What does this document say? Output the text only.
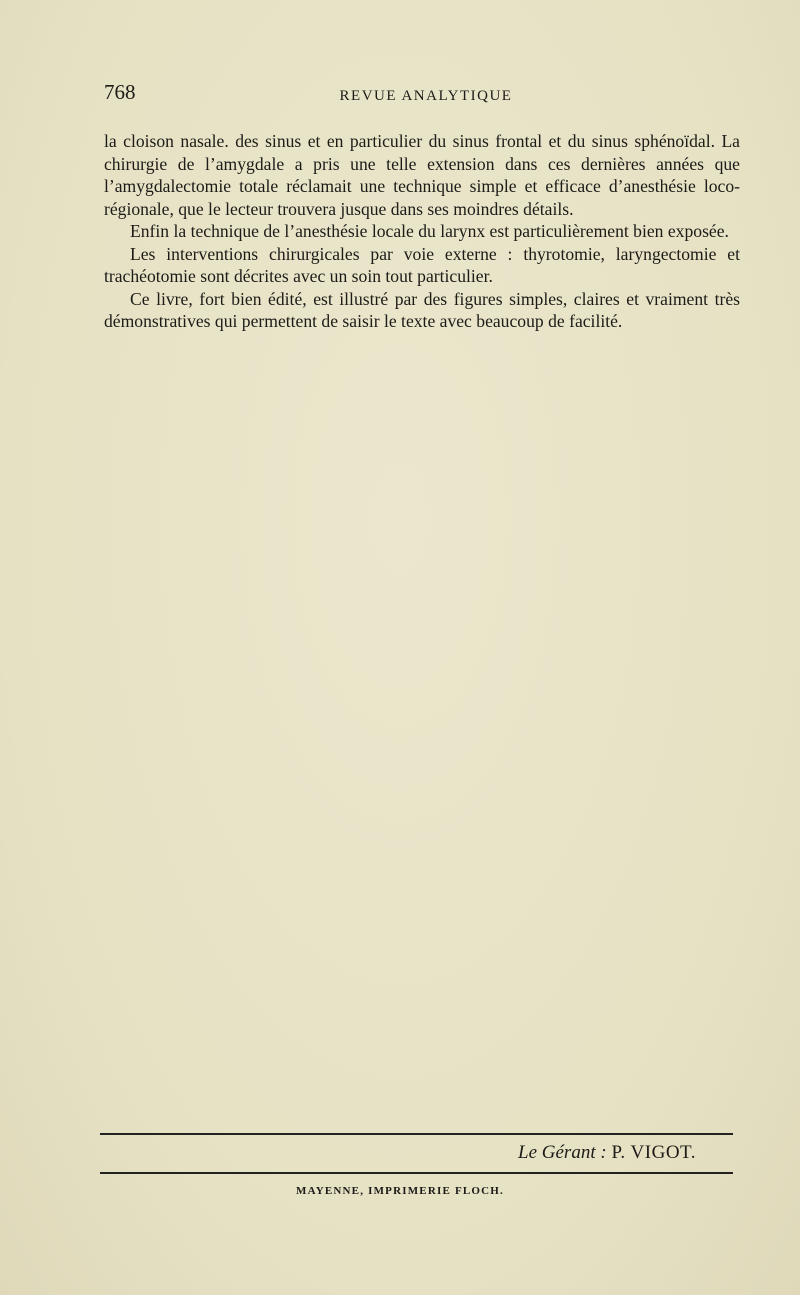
768	REVUE ANALYTIQUE

la cloison nasale. des sinus et en particulier du sinus frontal et du sinus sphénoïdal. La chirurgie de l’amygdale a pris une telle extension dans ces dernières années que l’amygdalectomie totale réclamait une technique simple et efficace d’anesthésie loco-régionale, que le lecteur trouvera jusque dans ses moindres détails.

Enfin la technique de l’anesthésie locale du larynx est particulièrement bien exposée.

Les interventions chirurgicales par voie externe : thyrotomie, laryngectomie et trachéotomie sont décrites avec un soin tout particulier.

Ce livre, fort bien édité, est illustré par des figures simples, claires et vraiment très démonstratives qui permettent de saisir le texte avec beaucoup de facilité.

Le Gérant : P. VIGOT.
MAYENNE, IMPRIMERIE FLOCH.
